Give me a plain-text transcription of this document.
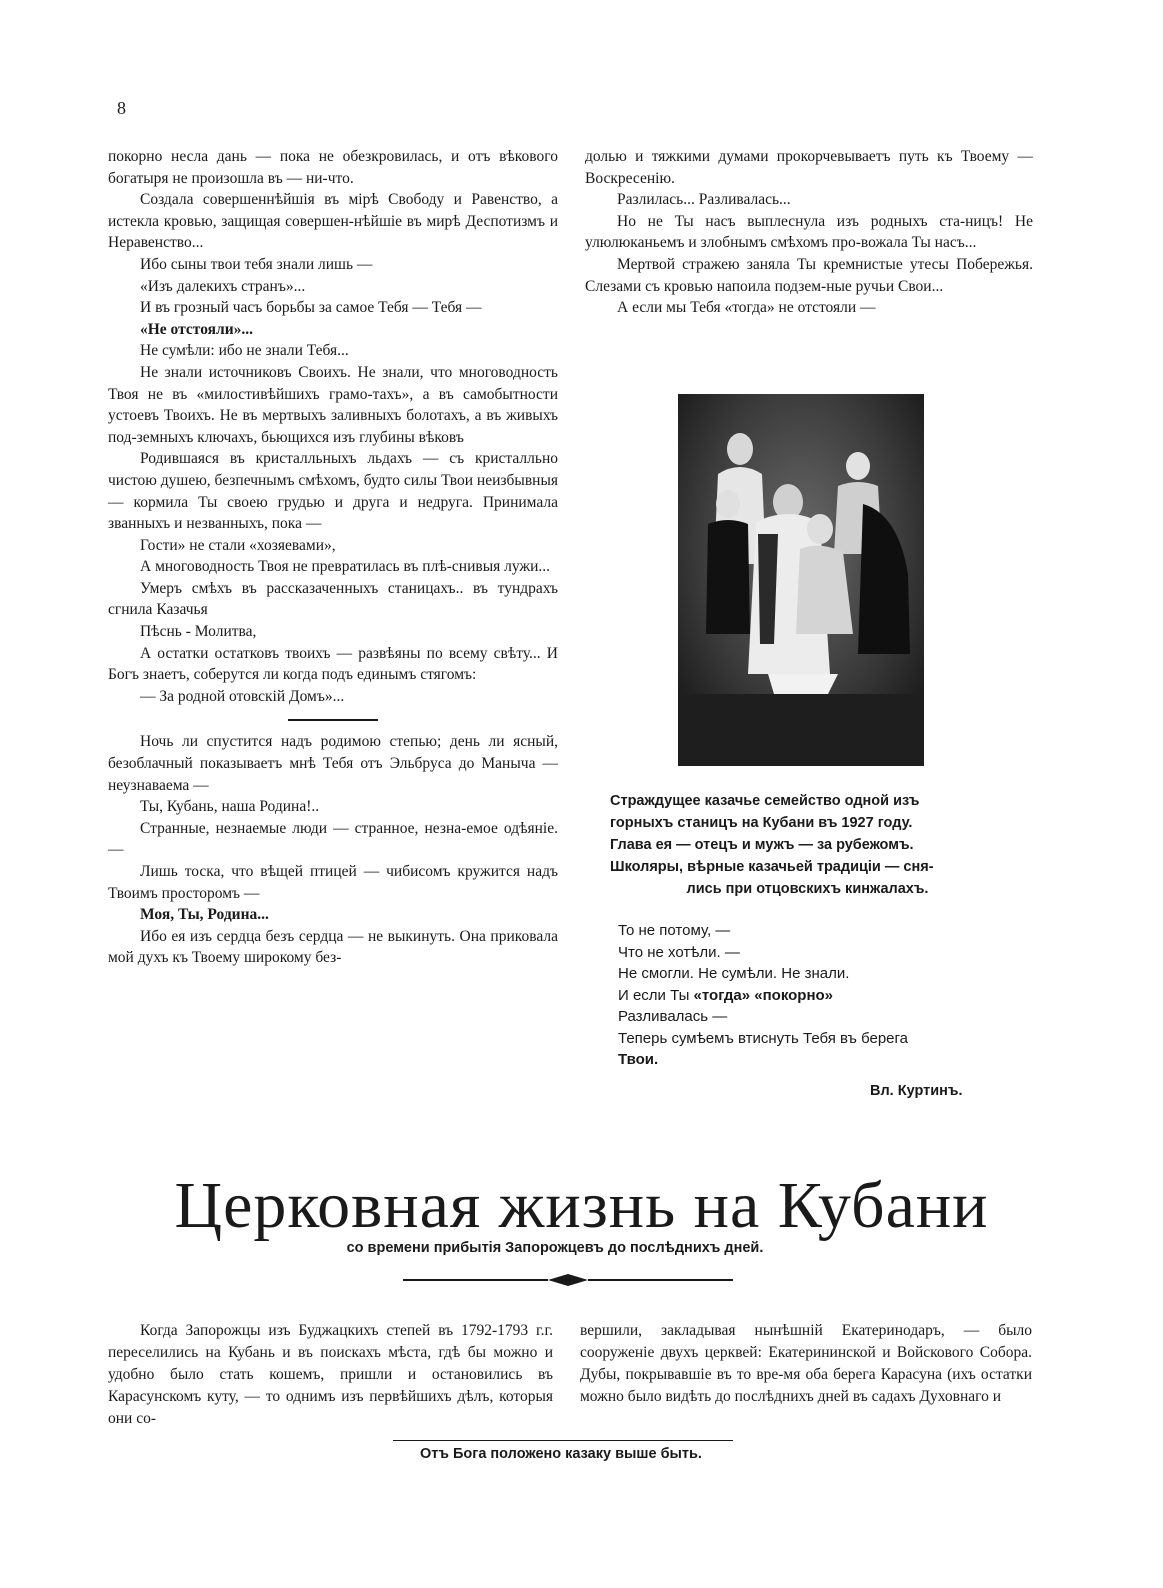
8

покорно несла дань — пока не обезкровилась, и отъ вѣкового богатыря не произошла въ — ни-что.

Создала совершеннѣйшія въ мірѣ Свободу и Равенство, а истекла кровью, защищая совершен-нѣйшіе въ мирѣ Деспотизмъ и Неравенство...

Ибо сыны твои тебя знали лишь —

«Изъ далекихъ странъ»...

И въ грозный часъ борьбы за самое Тебя — Тебя —

«Не отстояли»...

Не сумѣли: ибо не знали Тебя...

Не знали источниковъ Своихъ. Не знали, что многоводность Твоя не въ «милостивѣйшихъ грамо-тахъ», а въ самобытности устоевъ Твоихъ. Не въ мертвыхъ заливныхъ болотахъ, а въ живыхъ под-земныхъ ключахъ, бьющихся изъ глубины вѣковъ

Родившаяся въ кристалльныхъ льдахъ — съ кристалльно чистою душею, безпечнымъ смѣхомъ, будто силы Твои неизбывныя — кормила Ты своею грудью и друга и недруга. Принимала званныхъ и незванныхъ, пока —

Гости» не стали «хозяевами»,

А многоводность Твоя не превратилась въ плѣ-снивыя лужи...

Умеръ смѣхъ въ рассказаченныхъ станицахъ.. въ тундрахъ сгнила Казачья

Пѣснь - Молитва,

А остатки остатковъ твоихъ — развѣяны по всему свѣту... И Богъ знаетъ, соберутся ли когда подъ единымъ стягомъ:

— За родной отовскій Домъ»...

Ночь ли спустится надъ родимою степью; день ли ясный, безоблачный показываетъ мнѣ Тебя отъ Эльбруса до Манычa — неузнаваема —

Ты, Кубань, наша Родина!..

Странные, незнаемые люди — странное, незна-емое одѣяніе. —

Лишь тоска, что вѣщей птицей — чибисомъ кружится надъ Твоимъ просторомъ —

Моя, Ты, Родина...

Ибо ея изъ сердца безъ сердца — не выкинуть. Она приковала мой духъ къ Твоему широкому без-

долью и тяжкими думами прокорчевываетъ путь къ Твоему — Воскресенію.

Разлилась... Разливалась...

Но не Ты насъ выплеснула изъ родныхъ ста-ницъ! Не улюлюканьемъ и злобнымъ смѣхомъ про-вожала Ты насъ...

Мертвой стражею заняла Ты кремнистые утесы Побережья. Слезами съ кровью напоила подзем-ные ручьи Свои...

А если мы Тебя «тогда» не отстояли —

Страждущее казачье семейство одной изъ
горныхъ станицъ на Кубани въ 1927 году.
Глава ея — отецъ и мужъ — за рубежомъ.
Школяры, вѣрные казачьей традиціи — сня-
лись при отцовскихъ кинжалахъ.

То не потому, —

Что не хотѣли. —

Не смогли. Не сумѣли. Не знали.

И если Ты «тогда» «покорно»

Разливалась —

Теперь сумѣемъ втиснуть Тебя въ берега

Твои.

Вл. Куртинъ.
Церковная жизнь на Кубани
со времени прибытія Запорожцевъ до послѣднихъ дней.

Когда Запорожцы изъ Буджацкихъ степей въ 1792-1793 г.г. переселились на Кубань и въ поискахъ мѣста, гдѣ бы можно и удобно было стать кошемъ, пришли и остановились въ Карасунскомъ куту, — то однимъ изъ первѣйшихъ дѣлъ, которыя они со-

вершили, закладывая нынѣшній Екатеринодаръ, — было сооруженіе двухъ церквей: Екатерининской и Войскового Собора. Дубы, покрывавшіе въ то вре-мя оба берега Карасуна (ихъ остатки можно было видѣть до послѣднихъ дней въ садахъ Духовнаго и

Отъ Бога положено казаку выше быть.
